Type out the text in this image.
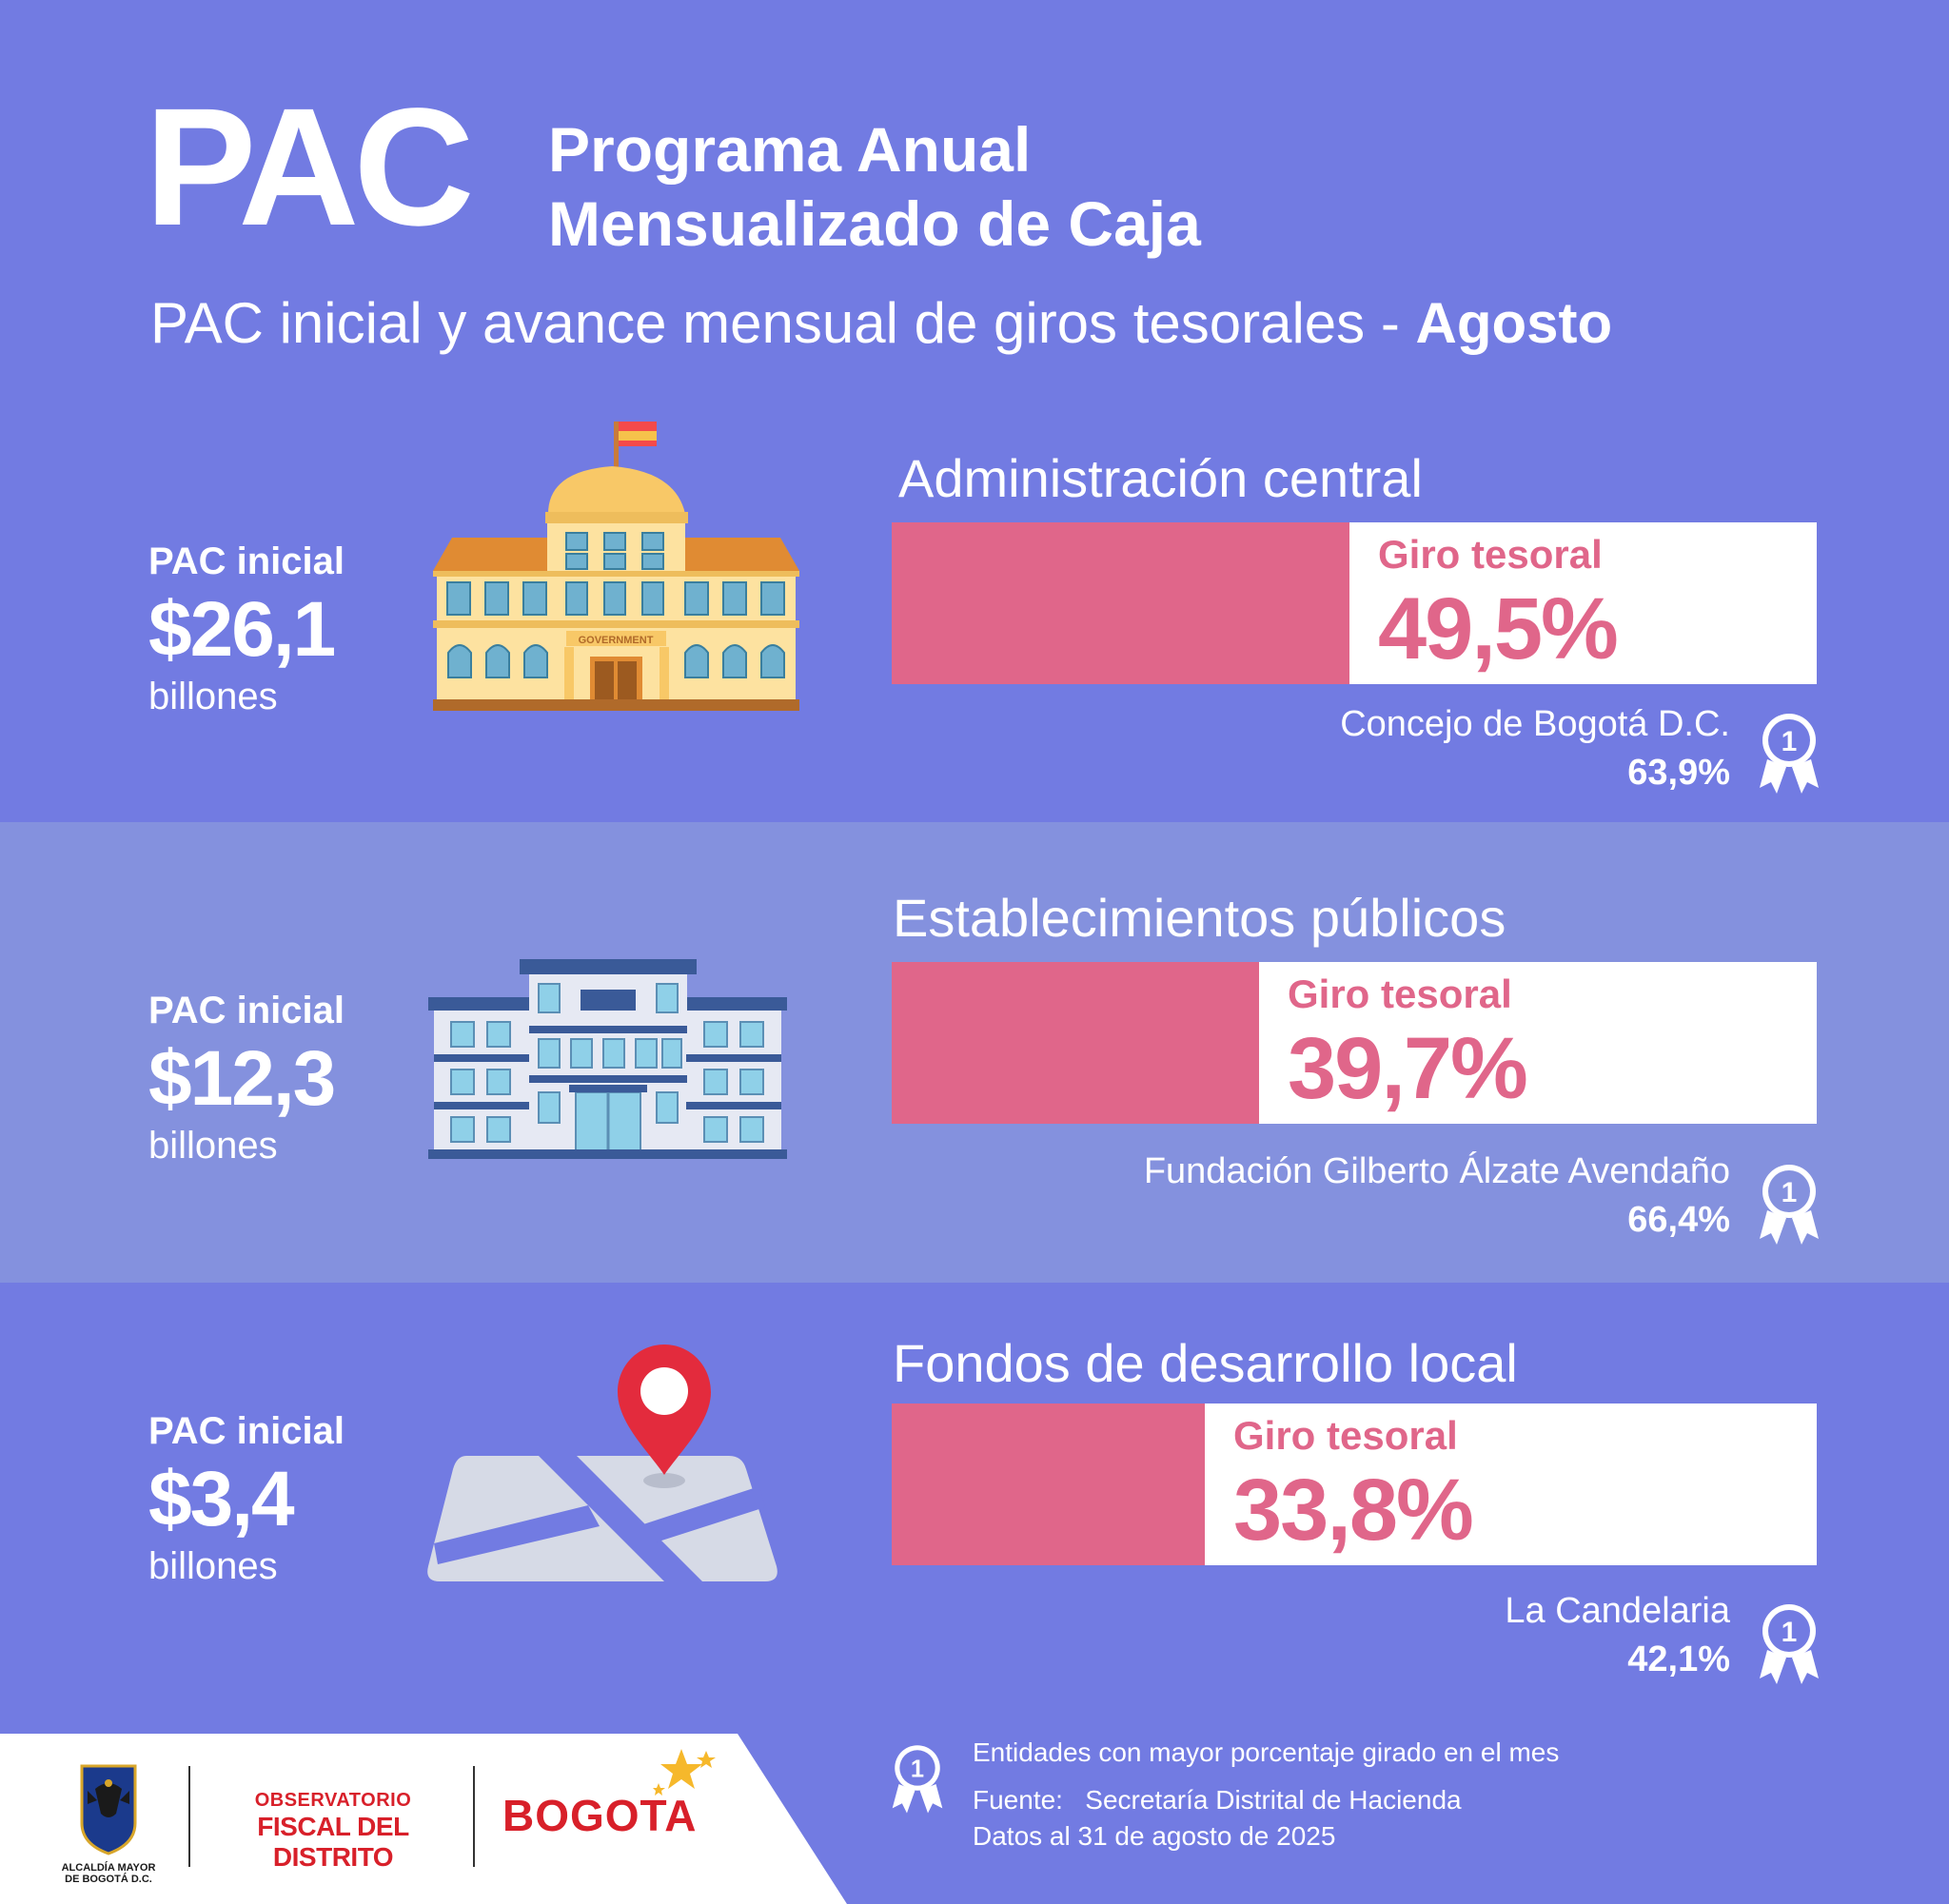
PAC Programa Anual
Mensualizado de Caja
PAC inicial y avance mensual de giros tesorales - Agosto
PAC inicial
$26,1
billones
GOVERNMENT
Administración central
Giro tesoral
49,5%
Concejo de Bogotá D.C.
63,9%
1
PAC inicial
$12,3
billones
Establecimientos públicos
Giro tesoral
39,7%
Fundación Gilberto Álzate Avendaño
66,4%
1
PAC inicial
$3,4
billones
Fondos de desarrollo local
Giro tesoral
33,8%
La Candelaria
42,1%
1
ALCALDÍA MAYOR
DE BOGOTÁ D.C.
OBSERVATORIO
FISCAL DEL DISTRITO
BOGOTA
1
Entidades con mayor porcentaje girado en el mes
Fuente:   Secretaría Distrital de Hacienda
Datos al 31 de agosto de 2025
